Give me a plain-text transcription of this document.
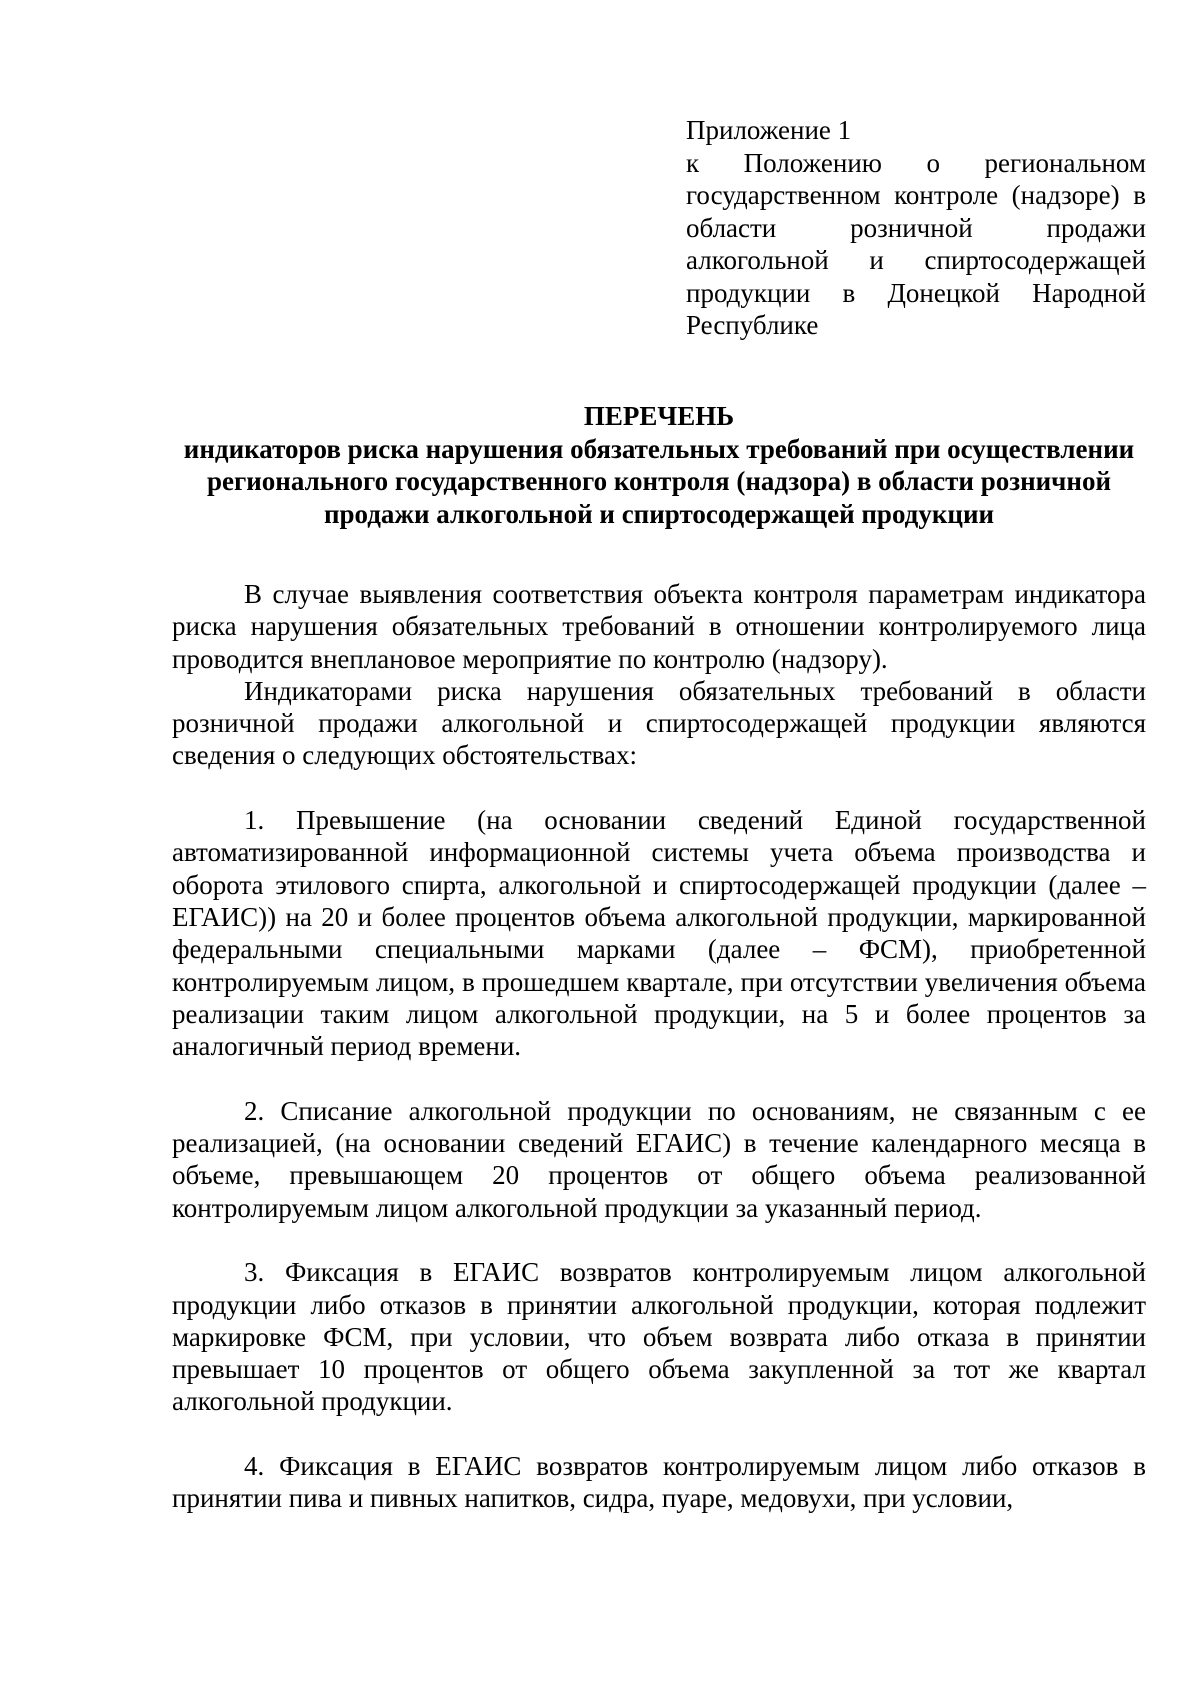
Приложение 1
к Положению о региональном государственном контроле (надзоре) в области розничной продажи алкогольной и спиртосодержащей продукции в Донецкой Народной Республике
ПЕРЕЧЕНЬ
индикаторов риска нарушения обязательных требований при осуществлении регионального государственного контроля (надзора) в области розничной продажи алкогольной и спиртосодержащей продукции

В случае выявления соответствия объекта контроля параметрам индикатора риска нарушения обязательных требований в отношении контролируемого лица проводится внеплановое мероприятие по контролю (надзору).

Индикаторами риска нарушения обязательных требований в области розничной продажи алкогольной и спиртосодержащей продукции являются сведения о следующих обстоятельствах:

1. Превышение (на основании сведений Единой государственной автоматизированной информационной системы учета объема производства и оборота этилового спирта, алкогольной и спиртосодержащей продукции (далее – ЕГАИС)) на 20 и более процентов объема алкогольной продукции, маркированной федеральными специальными марками (далее – ФСМ), приобретенной контролируемым лицом, в прошедшем квартале, при отсутствии увеличения объема реализации таким лицом алкогольной продукции, на 5 и более процентов за аналогичный период времени.

2. Списание алкогольной продукции по основаниям, не связанным с ее реализацией, (на основании сведений ЕГАИС) в течение календарного месяца в объеме, превышающем 20 процентов от общего объема реализованной контролируемым лицом алкогольной продукции за указанный период.

3. Фиксация в ЕГАИС возвратов контролируемым лицом алкогольной продукции либо отказов в принятии алкогольной продукции, которая подлежит маркировке ФСМ, при условии, что объем возврата либо отказа в принятии превышает 10 процентов от общего объема закупленной за тот же квартал алкогольной продукции.

4. Фиксация в ЕГАИС возвратов контролируемым лицом либо отказов в принятии пива и пивных напитков, сидра, пуаре, медовухи, при условии,
